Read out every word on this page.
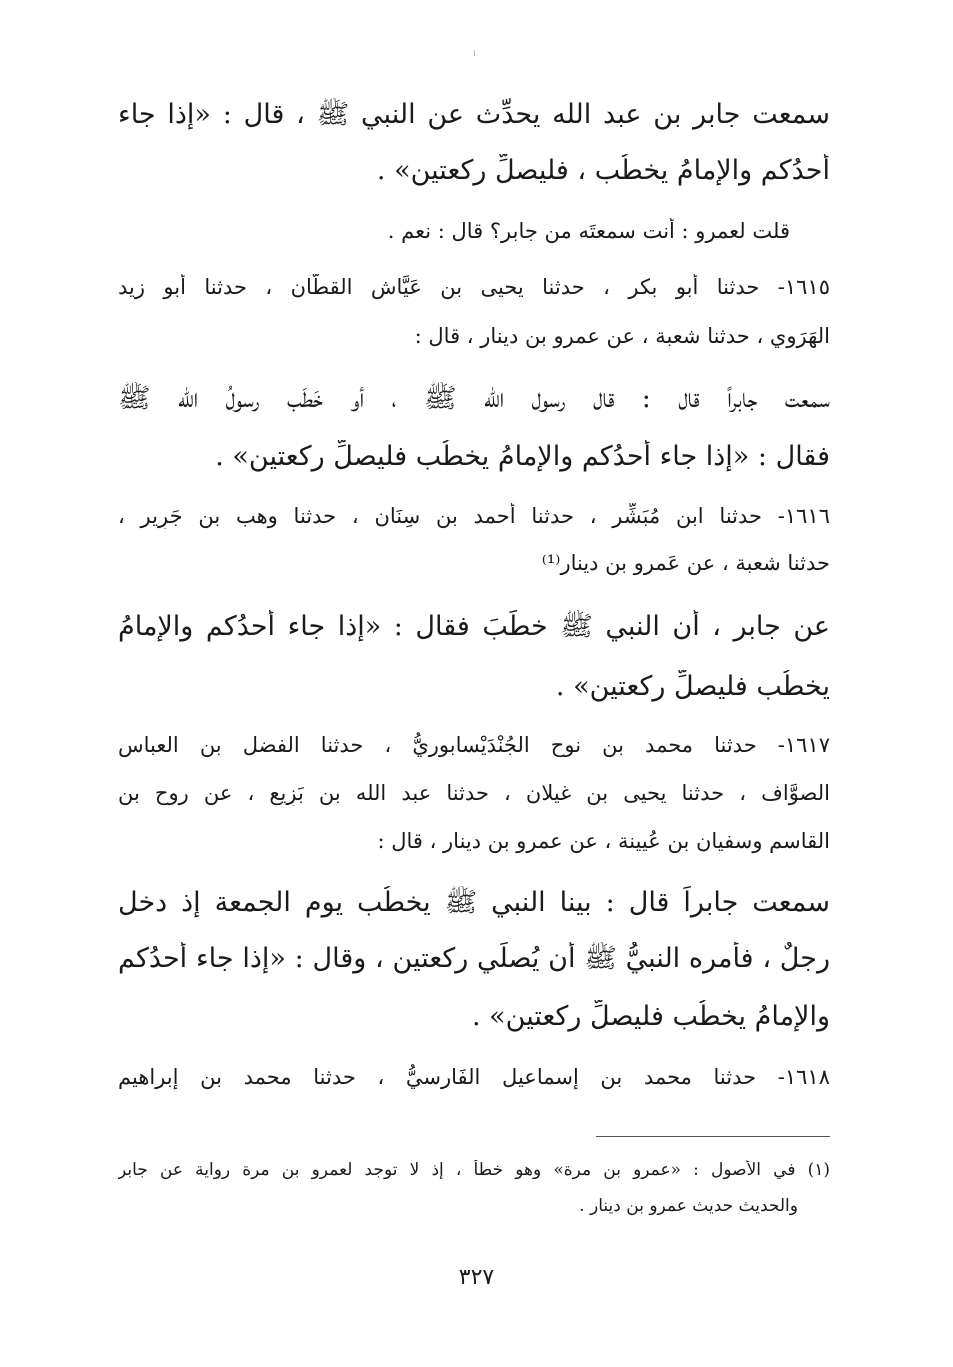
سمعت جابر بن عبد الله يحدِّث عن النبي ﷺ ، قال : «إذا جاء
أحدُكم والإمامُ يخطُب ، فليصلِّ ركعتين» .
قلت لعمرو : أنت سمعتَه من جابر؟ قال : نعم .
١٦١٥- حدثنا أبو بكر ، حدثنا يحيى بن عَيَّاش القطَّان ، حدثنا أبو زيد
الهَرَوي ، حدثنا شعبة ، عن عمرو بن دينار ، قال :
سمعت جابراً قال : قال رسول الله ﷺ ، أو خَطَب رسولُ الله ﷺ
فقال : «إذا جاء أحدُكم والإمامُ يخطُب فليصلِّ ركعتين» .
١٦١٦- حدثنا ابن مُبَشِّر ، حدثنا أحمد بن سِنَان ، حدثنا وهب بن جَرِير ،
حدثنا شعبة ، عن عَمرو بن دينار⁽¹⁾
عن جابر ، أن النبي ﷺ خطَبَ فقال : «إذا جاء أحدُكم والإمامُ
يخطُب فليصلِّ ركعتين» .
١٦١٧- حدثنا محمد بن نوح الجُنْدَيْسابوريُّ ، حدثنا الفضل بن العباس
الصوَّاف ، حدثنا يحيى بن غيلان ، حدثنا عبد الله بن بَزِيع ، عن روح بن
القاسم وسفيان بن عُيينة ، عن عمرو بن دينار ، قال :
سمعت جابراً قال : بينا النبي ﷺ يخطُب يوم الجمعة إذ دخل
رجلٌ ، فأَمره النبيُّ ﷺ أن يُصلِّي ركعتين ، وقال : «إذا جاء أحدُكم
والإمامُ يخطُب فليصلِّ ركعتين» .
١٦١٨- حدثنا محمد بن إسماعيل الفَارسيُّ ، حدثنا محمد بن إبراهيم
(١) في الأصول : «عمرو بن مرة» وهو خطأ ، إذ لا توجد لعمرو بن مرة رواية عن جابر
والحديث حديث عمرو بن دينار .
٣٢٧
